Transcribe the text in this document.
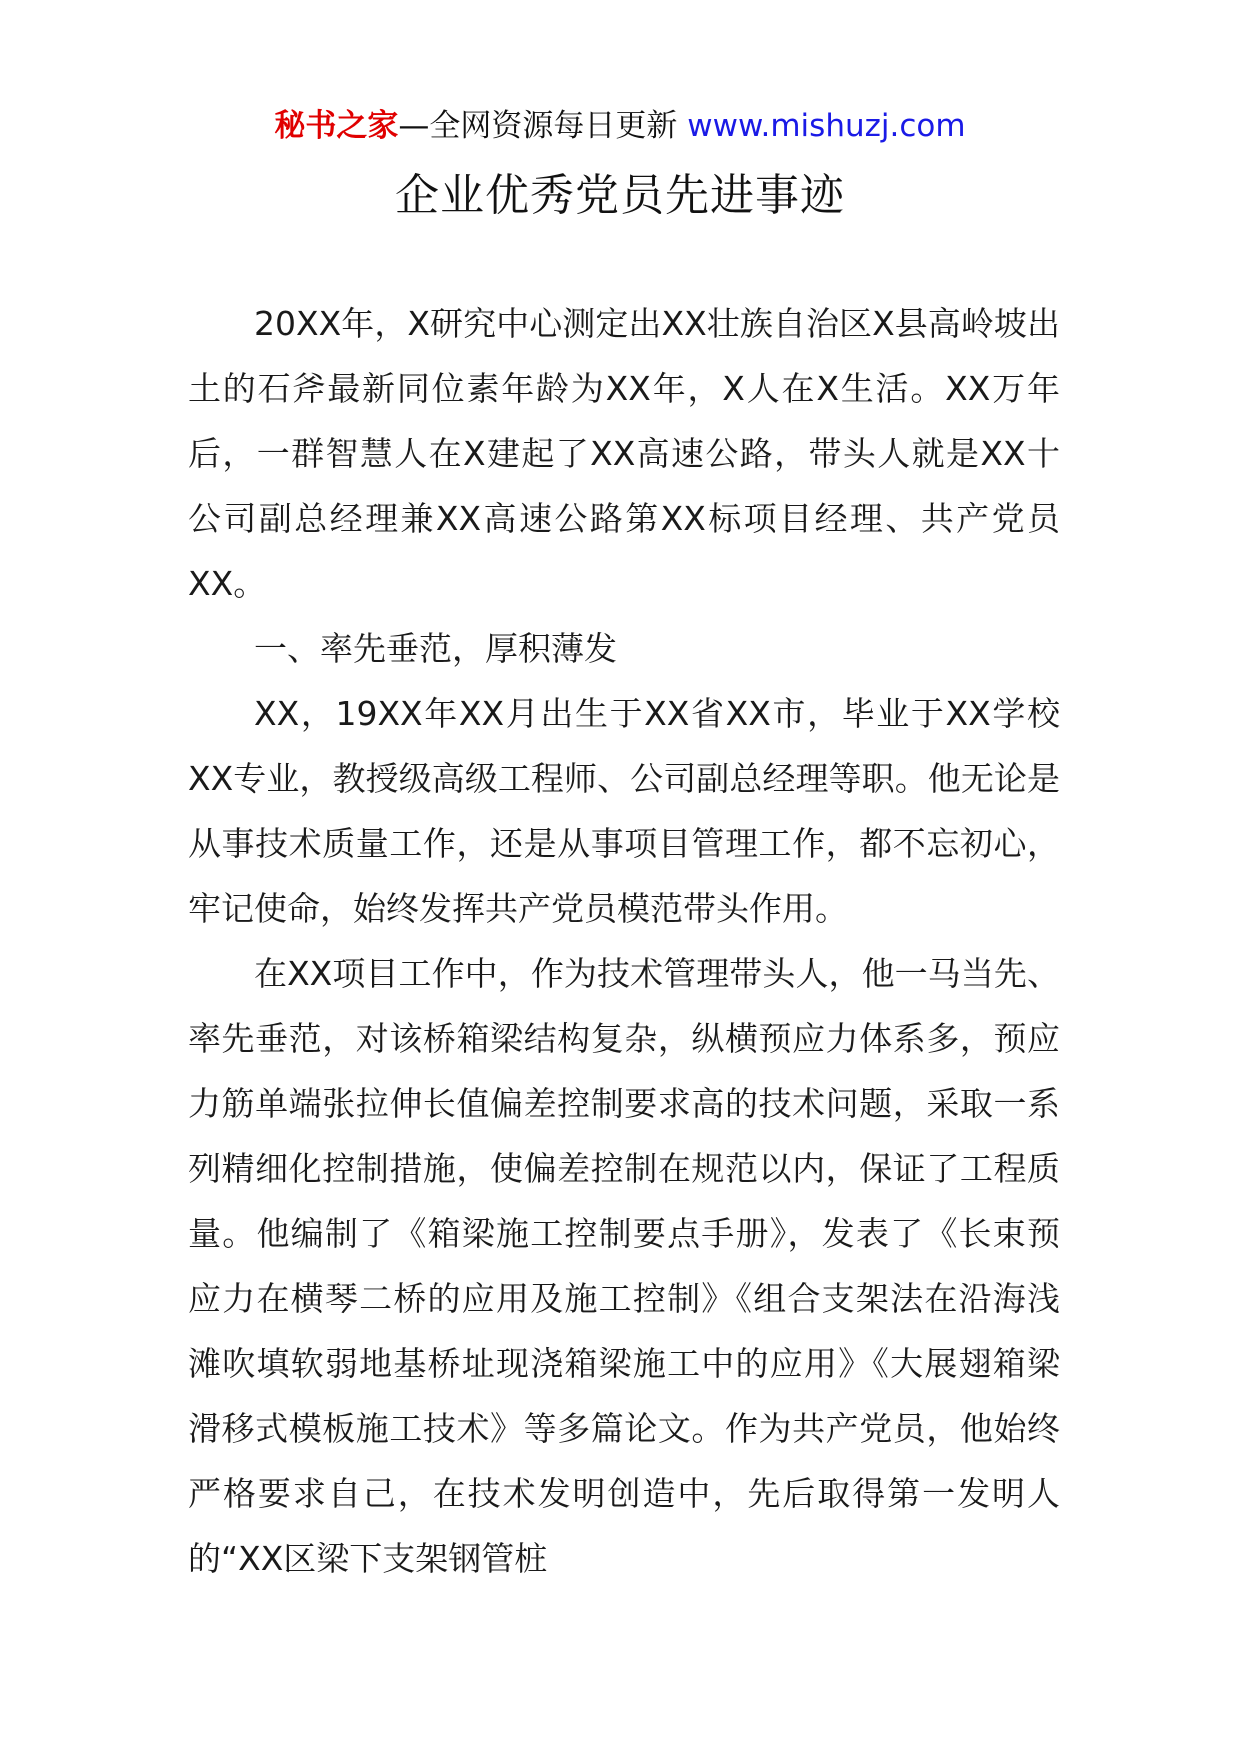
秘书之家—全网资源每日更新 www.mishuzj.com
企业优秀党员先进事迹

20XX年，X研究中心测定出XX壮族自治区X县高岭坡出土的石斧最新同位素年龄为XX年，X人在X生活。XX万年后，一群智慧人在X建起了XX高速公路，带头人就是XX十公司副总经理兼XX高速公路第XX标项目经理、共产党员XX。

一、率先垂范，厚积薄发

XX，19XX年XX月出生于XX省XX市，毕业于XX学校XX专业，教授级高级工程师、公司副总经理等职。他无论是从事技术质量工作，还是从事项目管理工作，都不忘初心，牢记使命，始终发挥共产党员模范带头作用。

在XX项目工作中，作为技术管理带头人，他一马当先、率先垂范，对该桥箱梁结构复杂，纵横预应力体系多，预应力筋单端张拉伸长值偏差控制要求高的技术问题，采取一系列精细化控制措施，使偏差控制在规范以内，保证了工程质量。他编制了《箱梁施工控制要点手册》，发表了《长束预应力在横琴二桥的应用及施工控制》《组合支架法在沿海浅滩吹填软弱地基桥址现浇箱梁施工中的应用》《大展翅箱梁滑移式模板施工技术》等多篇论文。作为共产党员，他始终严格要求自己，在技术发明创造中，先后取得第一发明人的“XX区梁下支架钢管桩
